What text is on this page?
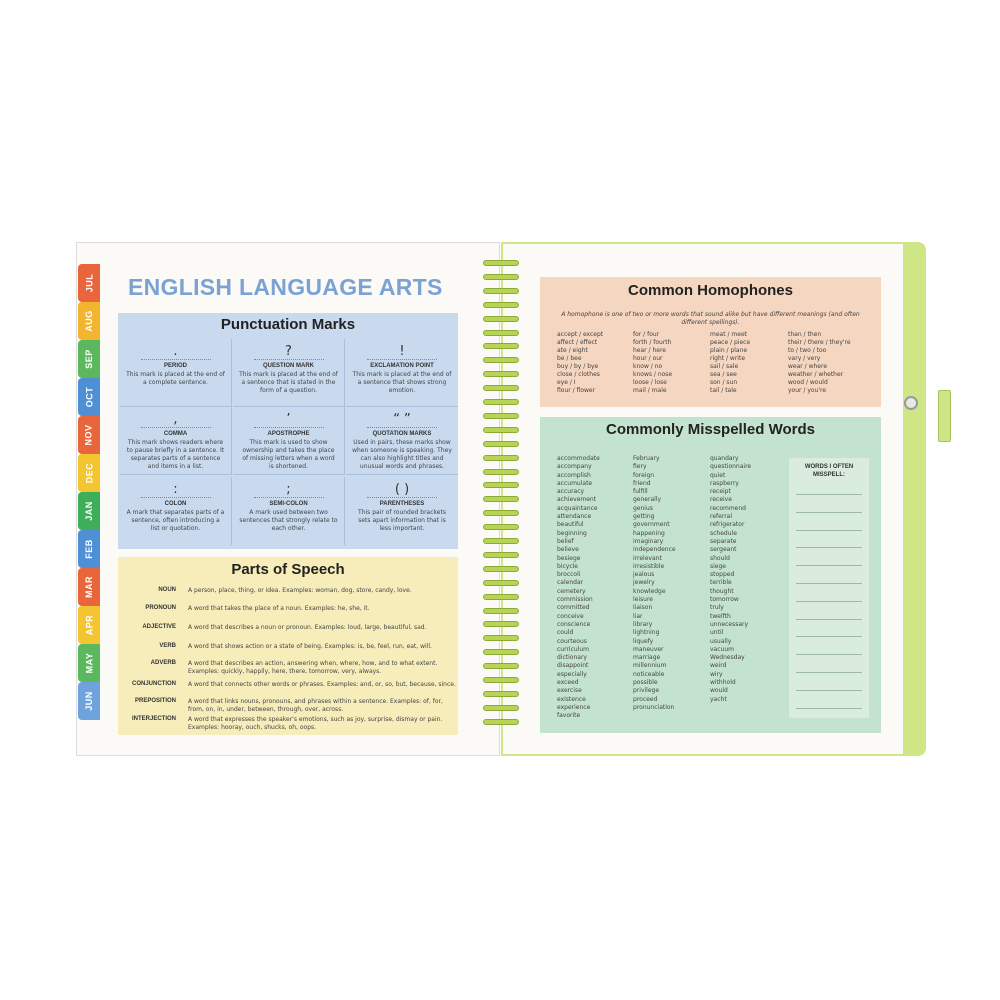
JUL
AUG
SEP
OCT
NOV
DEC
JAN
FEB
MAR
APR
MAY
JUN
ENGLISH LANGUAGE ARTS
Punctuation Marks
.
PERIOD
This mark is placed at the end of a complete sentence.
?
QUESTION MARK
This mark is placed at the end of a sentence that is stated in the form of a question.
!
EXCLAMATION POINT
This mark is placed at the end of a sentence that shows strong emotion.
,
COMMA
This mark shows readers where to pause briefly in a sentence. It separates parts of a sentence and items in a list.
’
APOSTROPHE
This mark is used to show ownership and takes the place of missing letters when a word is shortened.
“ ”
QUOTATION MARKS
Used in pairs, these marks show when someone is speaking. They can also highlight titles and unusual words and phrases.
:
COLON
A mark that separates parts of a sentence, often introducing a list or quotation.
;
SEMI-COLON
A mark used between two sentences that strongly relate to each other.
( )
PARENTHESES
This pair of rounded brackets sets apart information that is less important.
Parts of Speech
NOUN A person, place, thing, or idea. Examples: woman, dog, store, candy, love.
PRONOUN A word that takes the place of a noun. Examples: he, she, it.
ADJECTIVE A word that describes a noun or pronoun. Examples: loud, large, beautiful, sad.
VERB A word that shows action or a state of being. Examples: is, be, feel, run, eat, will.
ADVERB A word that describes an action, answering when, where, how, and to what extent. Examples: quickly, happily, here, there, tomorrow, very, always.
CONJUNCTION A word that connects other words or phrases. Examples: and, or, so, but, because, since.
PREPOSITION A word that links nouns, pronouns, and phrases within a sentence. Examples: of, for, from, on, in, under, between, through, over, across.
INTERJECTION A word that expresses the speaker's emotions, such as joy, surprise, dismay or pain. Examples: hooray, ouch, shucks, oh, oops.
Common Homophones
A homophone is one of two or more words that sound alike but have different meanings (and often different spellings).
accept / except
affect / effect
ate / eight
be / bee
buy / by / bye
close / clothes
eye / I
flour / flower
for / four
forth / fourth
hear / here
hour / our
know / no
knows / nose
loose / lose
mail / male
meat / meet
peace / piece
plain / plane
right / write
sail / sale
sea / see
son / sun
tail / tale
than / then
their / there / they're
to / two / too
vary / very
wear / where
weather / whether
wood / would
your / you're
Commonly Misspelled Words
accommodate
accompany
accomplish
accumulate
accuracy
achievement
acquaintance
attendance
beautiful
beginning
belief
believe
besiege
bicycle
broccoli
calendar
cemetery
commission
committed
conceive
conscience
could
courteous
curriculum
dictionary
disappoint
especially
exceed
exercise
existence
experience
favorite
February
fiery
foreign
friend
fulfill
generally
genius
getting
government
happening
imaginary
independence
irrelevant
irresistible
jealous
jewelry
knowledge
leisure
liaison
liar
library
lightning
liquefy
maneuver
marriage
millennium
noticeable
possible
privilege
proceed
pronunciation
quandary
questionnaire
quiet
raspberry
receipt
receive
recommend
referral
refrigerator
schedule
separate
sergeant
should
siege
stopped
terrible
thought
tomorrow
truly
twelfth
unnecessary
until
usually
vacuum
Wednesday
weird
wiry
withhold
would
yacht
WORDS I OFTEN MISSPELL:
